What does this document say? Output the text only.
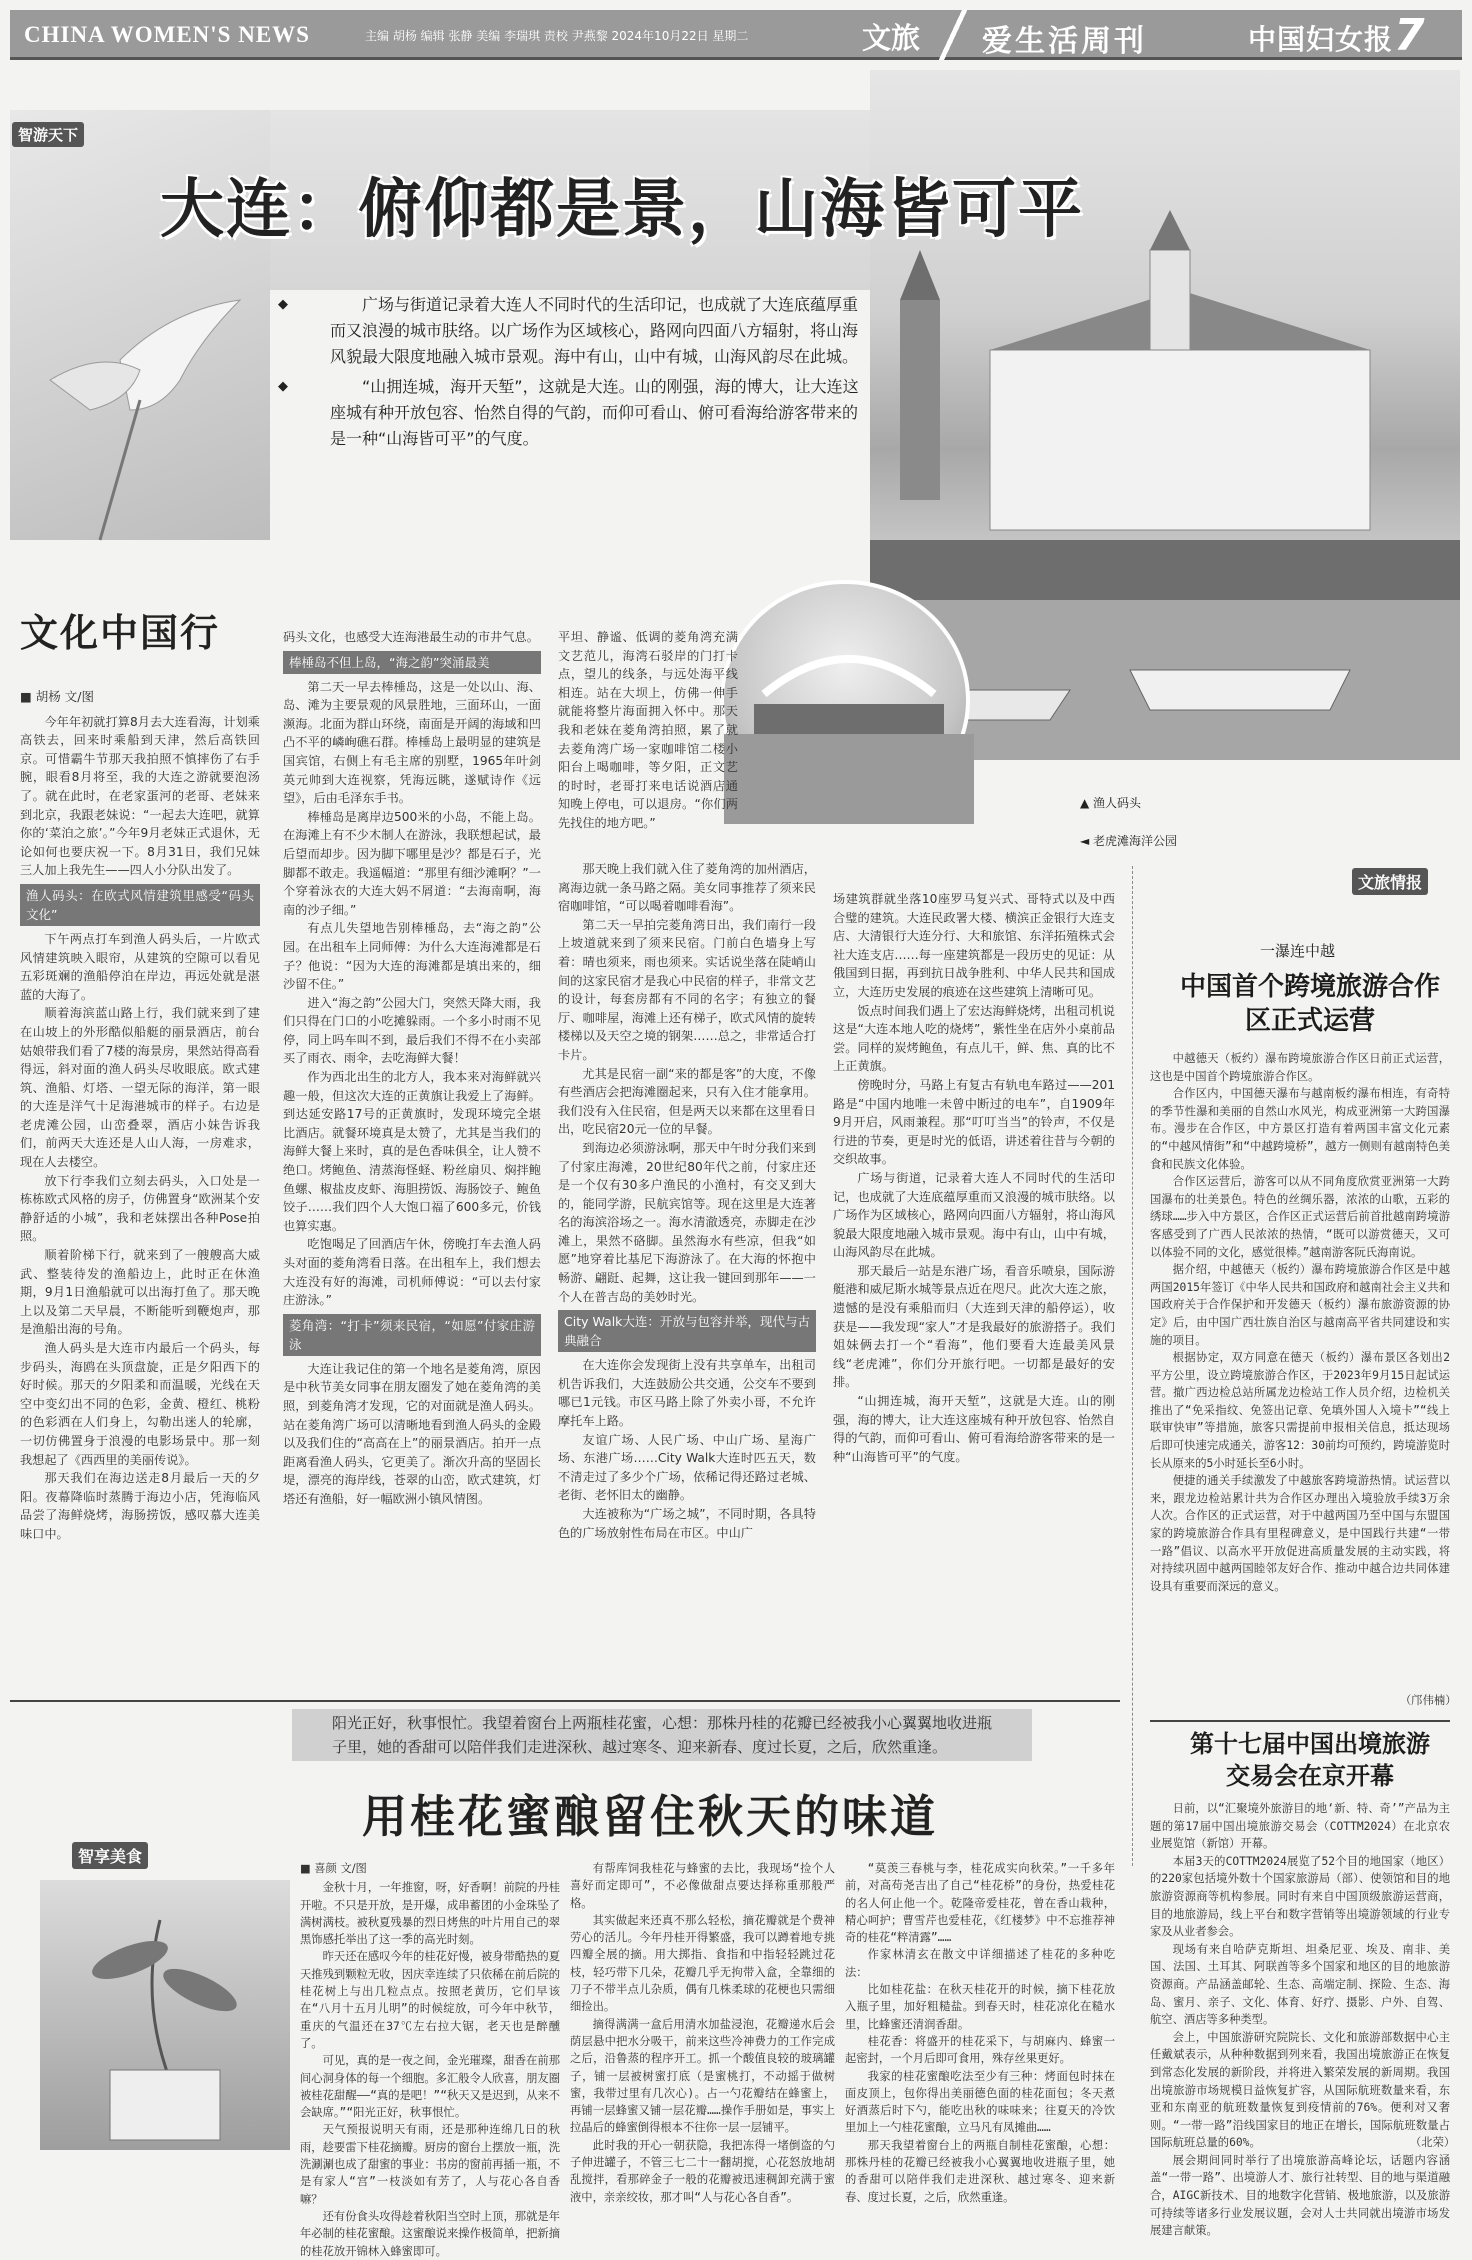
CHINA WOMEN'S NEWS	主编 胡杨 编辑 张静 美编 李瑞琪 责校 尹燕黎 2024年10月22日 星期二	文旅 爱生活周刊	中国妇女报 7
智游天下
大连：俯仰都是景，山海皆可平

◆ 广场与街道记录着大连人不同时代的生活印记，也成就了大连底蕴厚重而又浪漫的城市肤络。以广场作为区域核心，路网向四面八方辐射，将山海风貌最大限度地融入城市景观。海中有山，山中有城，山海风韵尽在此城。

◆ “山拥连城，海开天堑”，这就是大连。山的刚强，海的博大，让大连这座城有种开放包容、怡然自得的气韵，而仰可看山、俯可看海给游客带来的是一种“山海皆可平”的气度。

文化中国行
■ 胡杨 文/图

今年年初就打算8月去大连看海，计划乘高铁去，回来时乘船到天津，然后高铁回京。可惜霸牛节那天我拍照不慎摔伤了右手腕，眼看8月将至，我的大连之游就要泡汤了。就在此时，在老家蛋河的老哥、老妹来到北京，我跟老妹说：“一起去大连吧，就算你的‘菜泊之旅’。”今年9月老妹正式退休，无论如何也要庆祝一下。8月31日，我们兄妹三人加上我先生——四人小分队出发了。

渔人码头：在欧式风情建筑里感受“码头文化”

下午两点打车到渔人码头后，一片欧式风情建筑映入眼帘，从建筑的空隙可以看见五彩斑斓的渔船停泊在岸边，再远处就是湛蓝的大海了。

顺着海滨蓝山路上行，我们就来到了建在山坡上的外形酷似船艇的丽景酒店，前台姑娘带我们看了7楼的海景房，果然站得高看得远，斜对面的渔人码头尽收眼底。欧式建筑、渔船、灯塔、一望无际的海洋，第一眼的大连是洋气十足海港城市的样子。右边是老虎滩公园，山峦叠翠，酒店小妹告诉我们，前两天大连还是人山人海，一房难求，现在人去楼空。

放下行李我们立刻去码头，入口处是一栋栋欧式风格的房子，仿佛置身“欧洲某个安静舒适的小城”，我和老妹摆出各种Pose拍照。

顺着阶梯下行，就来到了一艘艘高大威武、整装待发的渔船边上，此时正在休渔期，9月1日渔船就可以出海打鱼了。那天晚上以及第二天早晨，不断能听到鞭炮声，那是渔船出海的号角。

渔人码头是大连市内最后一个码头，每步码头，海鸥在头顶盘旋，正是夕阳西下的好时候。那天的夕阳柔和而温暖，光线在天空中变幻出不同的色彩，金黄、橙红、桃粉的色彩洒在人们身上，勾勒出迷人的轮廓，一切仿佛置身于浪漫的电影场景中。那一刻我想起了《西西里的美丽传说》。

那天我们在海边送走8月最后一天的夕阳。夜幕降临时蒸腾于海边小店，凭海临风品尝了海鲜烧烤，海肠捞饭，感叹慕大连美味口中。

码头文化，也感受大连海港最生动的市井气息。

棒棰岛不但上岛，“海之韵”突涌最美

第二天一早去棒棰岛，这是一处以山、海、岛、滩为主要景观的风景胜地，三面环山，一面濒海。北面为群山环绕，南面是开阔的海域和凹凸不平的嶙峋礁石群。棒棰岛上最明显的建筑是国宾馆，右侧上有毛主席的别墅，1965年叶剑英元帅到大连视察，凭海远眺，遂赋诗作《远望》，后由毛泽东手书。

棒棰岛是离岸边500米的小岛，不能上岛。在海滩上有不少木制人在游泳，我联想起试，最后望而却步。因为脚下哪里是沙？都是石子，光脚都不敢走。我遥幅道：“那里有细沙滩啊？”一个穿着泳衣的大连大妈不屑道：“去海南啊，海南的沙子细。”

有点儿失望地告别棒棰岛，去“海之韵”公园。在出租车上同师傅：为什么大连海滩都是石子？他说：“因为大连的海滩都是填出来的，细沙留不住。”

进入“海之韵”公园大门，突然天降大雨，我们只得在门口的小吃摊躲雨。一个多小时雨不见停，同上吗车叫不到，最后我们不得不在小卖部买了雨衣、雨伞，去吃海鲜大餐！

作为西北出生的北方人，我本来对海鲜就兴趣一般，但这次大连的正黄旗让我爱上了海鲜。到达延安路17号的正黄旗时，发现环境完全堪比酒店。就餐环境真是太赞了，尤其是当我们的海鲜大餐上来时，真的是色香味俱全，让人赞不绝口。烤鲍鱼、清蒸海怪蛏、粉丝扇贝、焖拌鲍鱼螺、椒盐皮皮虾、海胆捞饭、海肠饺子、鲍鱼饺子……我们四个人大饱口福了600多元，价钱也算实惠。

吃饱喝足了回酒店午休，傍晚打车去渔人码头对面的菱角湾看日落。在出租车上，我们想去大连没有好的海滩，司机师傅说：“可以去付家庄游泳。”

菱角湾：“打卡”须来民宿，“如愿”付家庄游泳

大连让我记住的第一个地名是菱角湾，原因是中秋节美女同事在朋友圈发了她在菱角湾的美照，到菱角湾才发现，它的对面就是渔人码头。站在菱角湾广场可以清晰地看到渔人码头的金殿以及我们住的“高高在上”的丽景酒店。拍开一点距离看渔人码头，它更美了。渐次升高的坚固长堤，漂亮的海岸线，苍翠的山峦，欧式建筑，灯塔还有渔船，好一幅欧洲小镇风情图。

平坦、静谧、低调的菱角湾充满文艺范儿，海湾石驳岸的门打卡点，望儿的线条，与远处海平线相连。站在大坝上，仿佛一伸手就能将整片海面拥入怀中。那天我和老妹在菱角湾拍照，累了就去菱角湾广场一家咖啡馆二楼小阳台上喝咖啡，等夕阳，正文艺的时时，老哥打来电话说酒店通知晚上停电，可以退房。“你们两先找住的地方吧。”

那天晚上我们就入住了菱角湾的加州酒店，离海边就一条马路之隔。美女同事推荐了须来民宿咖啡馆，“可以喝着咖啡看海”。

第二天一早拍完菱角湾日出，我们南行一段上坡道就来到了须来民宿。门前白色墙身上写着：晴也须来，雨也须来。实话说坐落在陡峭山间的这家民宿才是我心中民宿的样子，非常文艺的设计，每套房都有不同的名字；有独立的餐厅、咖啡屋，海滩上还有梯子，欧式风情的旋转楼梯以及天空之境的钢架……总之，非常适合打卡片。

尤其是民宿一副“来的都是客”的大度，不像有些酒店会把海滩圈起来，只有入住才能拿用。我们没有入住民宿，但是两天以来都在这里看日出，吃民宿20元一位的早餐。

到海边必须游泳啊，那天中午时分我们来到了付家庄海滩，20世纪80年代之前，付家庄还是一个仅有30多户渔民的小渔村，有交叉到大的，能同学游，民航宾馆等。现在这里是大连著名的海滨浴场之一。海水清澈透亮，赤脚走在沙滩上，果然不硌脚。虽然海水有些凉，但我“如愿”地穿着比基尼下海游泳了。在大海的怀抱中畅游、翩跹、起舞，这让我一键回到那年——一个人在普吉岛的美妙时光。

City Walk大连：开放与包容并举，现代与古典融合

在大连你会发现街上没有共享单车，出租司机告诉我们，大连鼓励公共交通，公交车不要到哪已1元钱。市区马路上除了外卖小哥，不允许摩托车上路。

友谊广场、人民广场、中山广场、星海广场、东港广场……City Walk大连时匹五天，数不清走过了多少个广场，依稀记得还路过老城、老街、老怀旧太的幽静。

大连被称为“广场之城”，不同时期，各具特色的广场放射性布局在市区。中山广

场建筑群就坐落10座罗马复兴式、哥特式以及中西合璧的建筑。大连民政署大楼、横滨正金银行大连支店、大清银行大连分行、大和旅馆、东洋拓殖株式会社大连支店……每一座建筑都是一段历史的见证：从俄国到日据，再到抗日战争胜利、中华人民共和国成立，大连历史发展的痕迹在这些建筑上清晰可见。

饭点时间我们遇上了宏达海鲜烧烤，出租司机说这是“大连本地人吃的烧烤”，紫性坐在店外小桌前品尝。同样的炭烤鲍鱼，有点儿干，鲜、焦、真的比不上正黄旗。

傍晚时分，马路上有复古有轨电车路过——201路是“中国内地唯一未曾中断过的电车”，自1909年9月开启，风雨兼程。那“叮叮当当”的铃声，不仅是行进的节奏，更是时光的低语，讲述着往昔与今朝的交织故事。

广场与街道，记录着大连人不同时代的生活印记，也成就了大连底蕴厚重而又浪漫的城市肤络。以广场作为区域核心，路网向四面八方辐射，将山海风貌最大限度地融入城市景观。海中有山，山中有城，山海风韵尽在此城。

那天最后一站是东港广场，看音乐喷泉，国际游艇港和威尼斯水城等景点近在咫尺。此次大连之旅，遗憾的是没有乘船而归（大连到天津的船停运），收获是——我发现“家人”才是我最好的旅游搭子。我们姐妹俩去打一个“看海”，他们要看大连最美风景线“老虎滩”，你们分开旅行吧。一切都是最好的安排。

“山拥连城，海开天堑”，这就是大连。山的刚强，海的博大，让大连这座城有种开放包容、怡然自得的气韵，而仰可看山、俯可看海给游客带来的是一种“山海皆可平”的气度。

▲ 渔人码头
◄ 老虎滩海洋公园
文旅情报
一瀑连中越
中国首个跨境旅游合作区正式运营

中越德天（板约）瀑布跨境旅游合作区日前正式运营，这也是中国首个跨境旅游合作区。

合作区内，中国德天瀑布与越南板约瀑布相连，有奇特的季节性瀑和美丽的自然山水风光，构成亚洲第一大跨国瀑布。漫步在合作区，中方景区打造有着两国丰富文化元素的“中越风情街”和“中越跨境桥”，越方一侧则有越南特色美食和民族文化体验。

合作区运营后，游客可以从不同角度欣赏亚洲第一大跨国瀑布的壮美景色。特色的丝绸乐器，浓浓的山歌，五彩的绣球……步入中方景区，合作区正式运营后前首批越南跨境游客感受到了广西人民浓浓的热情，“既可以游赏德天，又可以体验不同的文化，感觉很棒。”越南游客阮氏海南说。

据介绍，中越德天（板约）瀑布跨境旅游合作区是中越两国2015年签订《中华人民共和国政府和越南社会主义共和国政府关于合作保护和开发德天（板约）瀑布旅游资源的协定》后，由中国广西壮族自治区与越南高平省共同建设和实施的项目。

根据协定，双方同意在德天（板约）瀑布景区各划出2平方公里，设立跨境旅游合作区，于2023年9月15日起试运营。撤广西边检总站所属龙边检站工作人员介绍，边检机关推出了“免采指纹、免签出记章、免填外国人入境卡”“线上联审快审”等措施，旅客只需提前申报相关信息，抵达现场后即可快速完成通关，游客12：30前均可预约，跨境游览时长从原来的5小时延长至6小时。

便捷的通关手续激发了中越旅客跨境游热情。试运营以来，跟龙边检站累计共为合作区办理出入境验放手续3万余人次。合作区的正式运营，对于中越两国乃至中国与东盟国家的跨境旅游合作具有里程碑意义，是中国践行共建“一带一路”倡议、以高水平开放促进高质量发展的主动实践，将对持续巩固中越两国睦邻友好合作、推动中越合边共同体建设具有重要而深远的意义。

（邝伟楠）
第十七届中国出境旅游交易会在京开幕

日前，以“汇聚境外旅游目的地‘新、特、奇’”产品为主题的第17届中国出境旅游交易会（COTTM2024）在北京农业展览馆（新馆）开幕。

本届3天的COTTM2024展览了52个目的地国家（地区）的220家包括境外数十个国家旅游局（部）、使领馆和目的地旅游资源商等机构参展。同时有来自中国顶级旅游运营商，目的地旅游局，线上平台和数字营销等出境游领域的行业专家及从业者参会。

现场有来自哈萨克斯坦、坦桑尼亚、埃及、南非、美国、法国、土耳其、阿联酋等多个国家和地区的目的地旅游资源商。产品涵盖邮轮、生态、高端定制、探险、生态、海岛、蜜月、亲子、文化、体育、好疗、摄影、户外、自驾、航空、酒店等多种类型。

会上，中国旅游研究院院长、文化和旅游部数据中心主任戴斌表示，从种种数据到列来看，我国出境旅游正在恢复到常态化发展的新阶段，并将进入繁荣发展的新周期。我国出境旅游市场规模日益恢复扩容，从国际航班数量来看，东亚和东南亚的航班数量恢复到疫情前的76%。便利对又奢则。“一带一路”沿线国家目的地正在增长，国际航班数量占国际航班总量的60%。

展会期间同时举行了出境旅游高峰论坛，话题内容涵盖“一带一路”、出境游人才、旅行社转型、目的地与渠道融合，AIGC新技术、目的地数字化营销、极地旅游，以及旅游可持续等诸多行业发展议题，会对人士共同就出境游市场发展建言献策。

（北荣）
阳光正好，秋事恨忙。我望着窗台上两瓶桂花蜜，心想：那株丹桂的花瓣已经被我小心翼翼地收进瓶子里，她的香甜可以陪伴我们走进深秋、越过寒冬、迎来新春、度过长夏，之后，欣然重逢。
用桂花蜜酿留住秋天的味道
智享美食
■ 喜颜 文/图

金秋十月，一年推窗，呀，好香啊！前院的丹桂开啦。不只是开放，是开爆，成串蓄团的小金珠坠了满树满枝。被秋夏残暴的烈日烤焦的叶片用自己的翠黑饰感托举出了这一季的高光时刻。

昨天还在感叹今年的桂花好慢，被身带酷热的夏天推残到颗粒无收，因庆幸连续了只依稀在前后院的桂花树上与出几粒点点。按照老黄历，它们早该在“八月十五月儿明”的时候绽放，可今年中秋节，重庆的气温还在37℃左右拉大锯，老天也是醉醺了。

可见，真的是一夜之间，金光璀璨，甜香在前那间心洞身体的每一个细胞。多汇般令人欣喜，朋友圈被桂花甜醒——“真的是吧！”“秋天又是迟到，从来不会缺席。”“阳光正好，秋事恨忙。

天气预报说明天有雨，还是那种连绵几日的秋雨，趁要雷下桂花摘瓣。厨房的窗台上摆放一瓶，洗洗涮涮也成了甜蜜的事业：书房的窗前再插一瓶，不是有家人“宫”一枝淡如有芳了，人与花心各自香嘛？

还有份食头攻得趁着秋阳当空时上顶，那就是年年必制的桂花蜜酿。这蜜酿说来操作极简单，把新摘的桂花放开锦林入蜂蜜即可。

有帮库饲我桂花与蜂蜜的去比，我现场“捡个人喜好而定即可”，不必像做甜点要达择称重那般严格。

其实做起来还真不那么轻松，摘花瓣就是个费神劳心的活儿。今年丹桂开得繁盛，我可以蹲着地专挑四瓣全展的摘。用大掷指、食指和中指轻轻跳过花枝，轻巧带下几朵，花瓣几乎无拘带入盒，全靠细的刀子不带半点儿杂质，偶有几株柔球的花梗也只需细细捡出。

摘得满满一盒后用清水加盐浸泡，花瓣递水后会荫层悬中把水分吸干，前来这些冷神费力的工作完成之后，沿鲁蒸的程序开工。抓一个酸值良较的玻璃罐子，铺一层被树蜜打底（是蜜桃打，不动摇于做树蜜，我带过里有几次心)。占一勺花瓣结在蜂蜜上，再铺一层蜂蜜又铺一层花瓣……操作手册如是，事实上拉晶后的蜂蜜倒得根本不往你一层一层铺平。

此时我的开心一朝获隐，我把冻得一堵倒盗的勺子伸进罐子，不管三七二十一翻胡搅，心花怒放地胡乱搅拌，看那碎金子一般的花瓣被迅速稠卸充满于蜜液中，亲亲绞妆，那才叫“人与花心各自香”。

“莫羡三春桃与李，桂花成实向秋荣。”一千多年前，对高苟尧吉出了自己“桂花桥”的身份，热爱桂花的名人何止他一个。乾隆帝爱桂花，曾在香山栽种，精心呵护；曹雪芹也爱桂花，《红楼梦》中不忘推荐神奇的桂花“粹清露”……

作家林清玄在散文中详细描述了桂花的多种吃法：

比如桂花盐：在秋天桂花开的时候，摘下桂花放入瓶子里，加好粗糙盐。到春天时，桂花凉化在糙水里，比蜂蜜还清润香甜。

桂花香：将盛开的桂花采下，与胡麻内、蜂蜜一起密封，一个月后即可食用，殊存丝果更好。

我家的桂花蜜酿吃法至少有三种：烤面包时抹在面皮顶上，包你得出美丽德色面的桂花面包；冬天煮好酒蒸后时下勺，能吃出秋的味味来；往夏天的冷饮里加上一勺桂花蜜酿，立马凡有凤摊曲……

那天我望着窗台上的两瓶自制桂花蜜酿，心想：那株丹桂的花瓣已经被我小心翼翼地收进瓶子里，她的香甜可以陪伴我们走进深秋、越过寒冬、迎来新春、度过长夏，之后，欣然重逢。
